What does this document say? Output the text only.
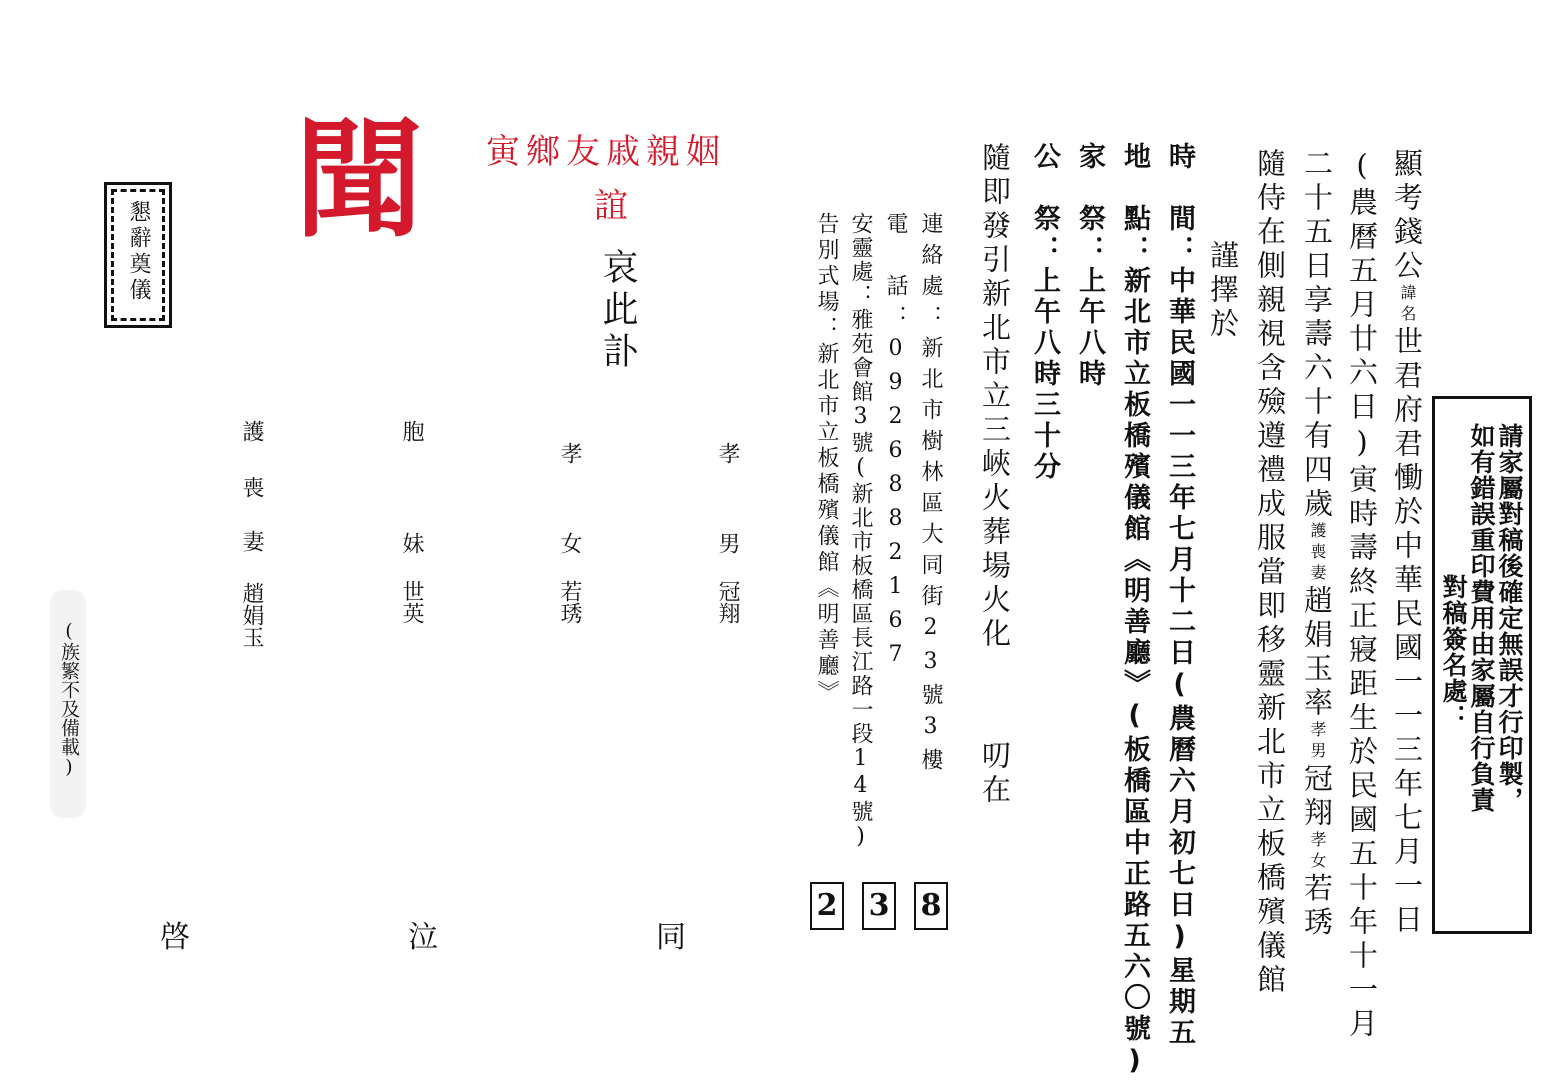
請家屬對稿後確定無誤才行印製，
如有錯誤重印費用由家屬自行負責
對稿簽名處：
顯考錢公諱名世君府君慟於中華民國一一三年七月一日
(農曆五月廿六日)寅時壽終正寢距生於民國五十年十一月
二十五日享壽六十有四歲護喪妻趙娟玉率孝男冠翔孝女若琇
隨侍在側親視含殮遵禮成服當即移靈新北市立板橋殯儀館
謹擇於
時　間：中華民國一一三年七月十二日(農曆六月初七日)星期五
地　點：新北市立板橋殯儀館《明善廳》(板橋區中正路五六〇號)
家　祭：上午八時
公　祭：上午八時三十分
隨即發引新北市立三峽火葬場火化
叨在
連絡處：新北市樹林區大同街23號3樓
電　話：0926882167
安靈處：雅苑會館3號(新北市板橋區長江路一段14號)
告別式場：新北市立板橋殯儀館《明善廳》
2 3 8
姻親戚友鄉寅
誼
聞
哀此
訃
孝
男
冠翔
孝
女
若琇
胞
妹
世英
護
喪
妻
趙娟玉
懇辭奠儀
(族繁不及備載)
同
泣
啓
